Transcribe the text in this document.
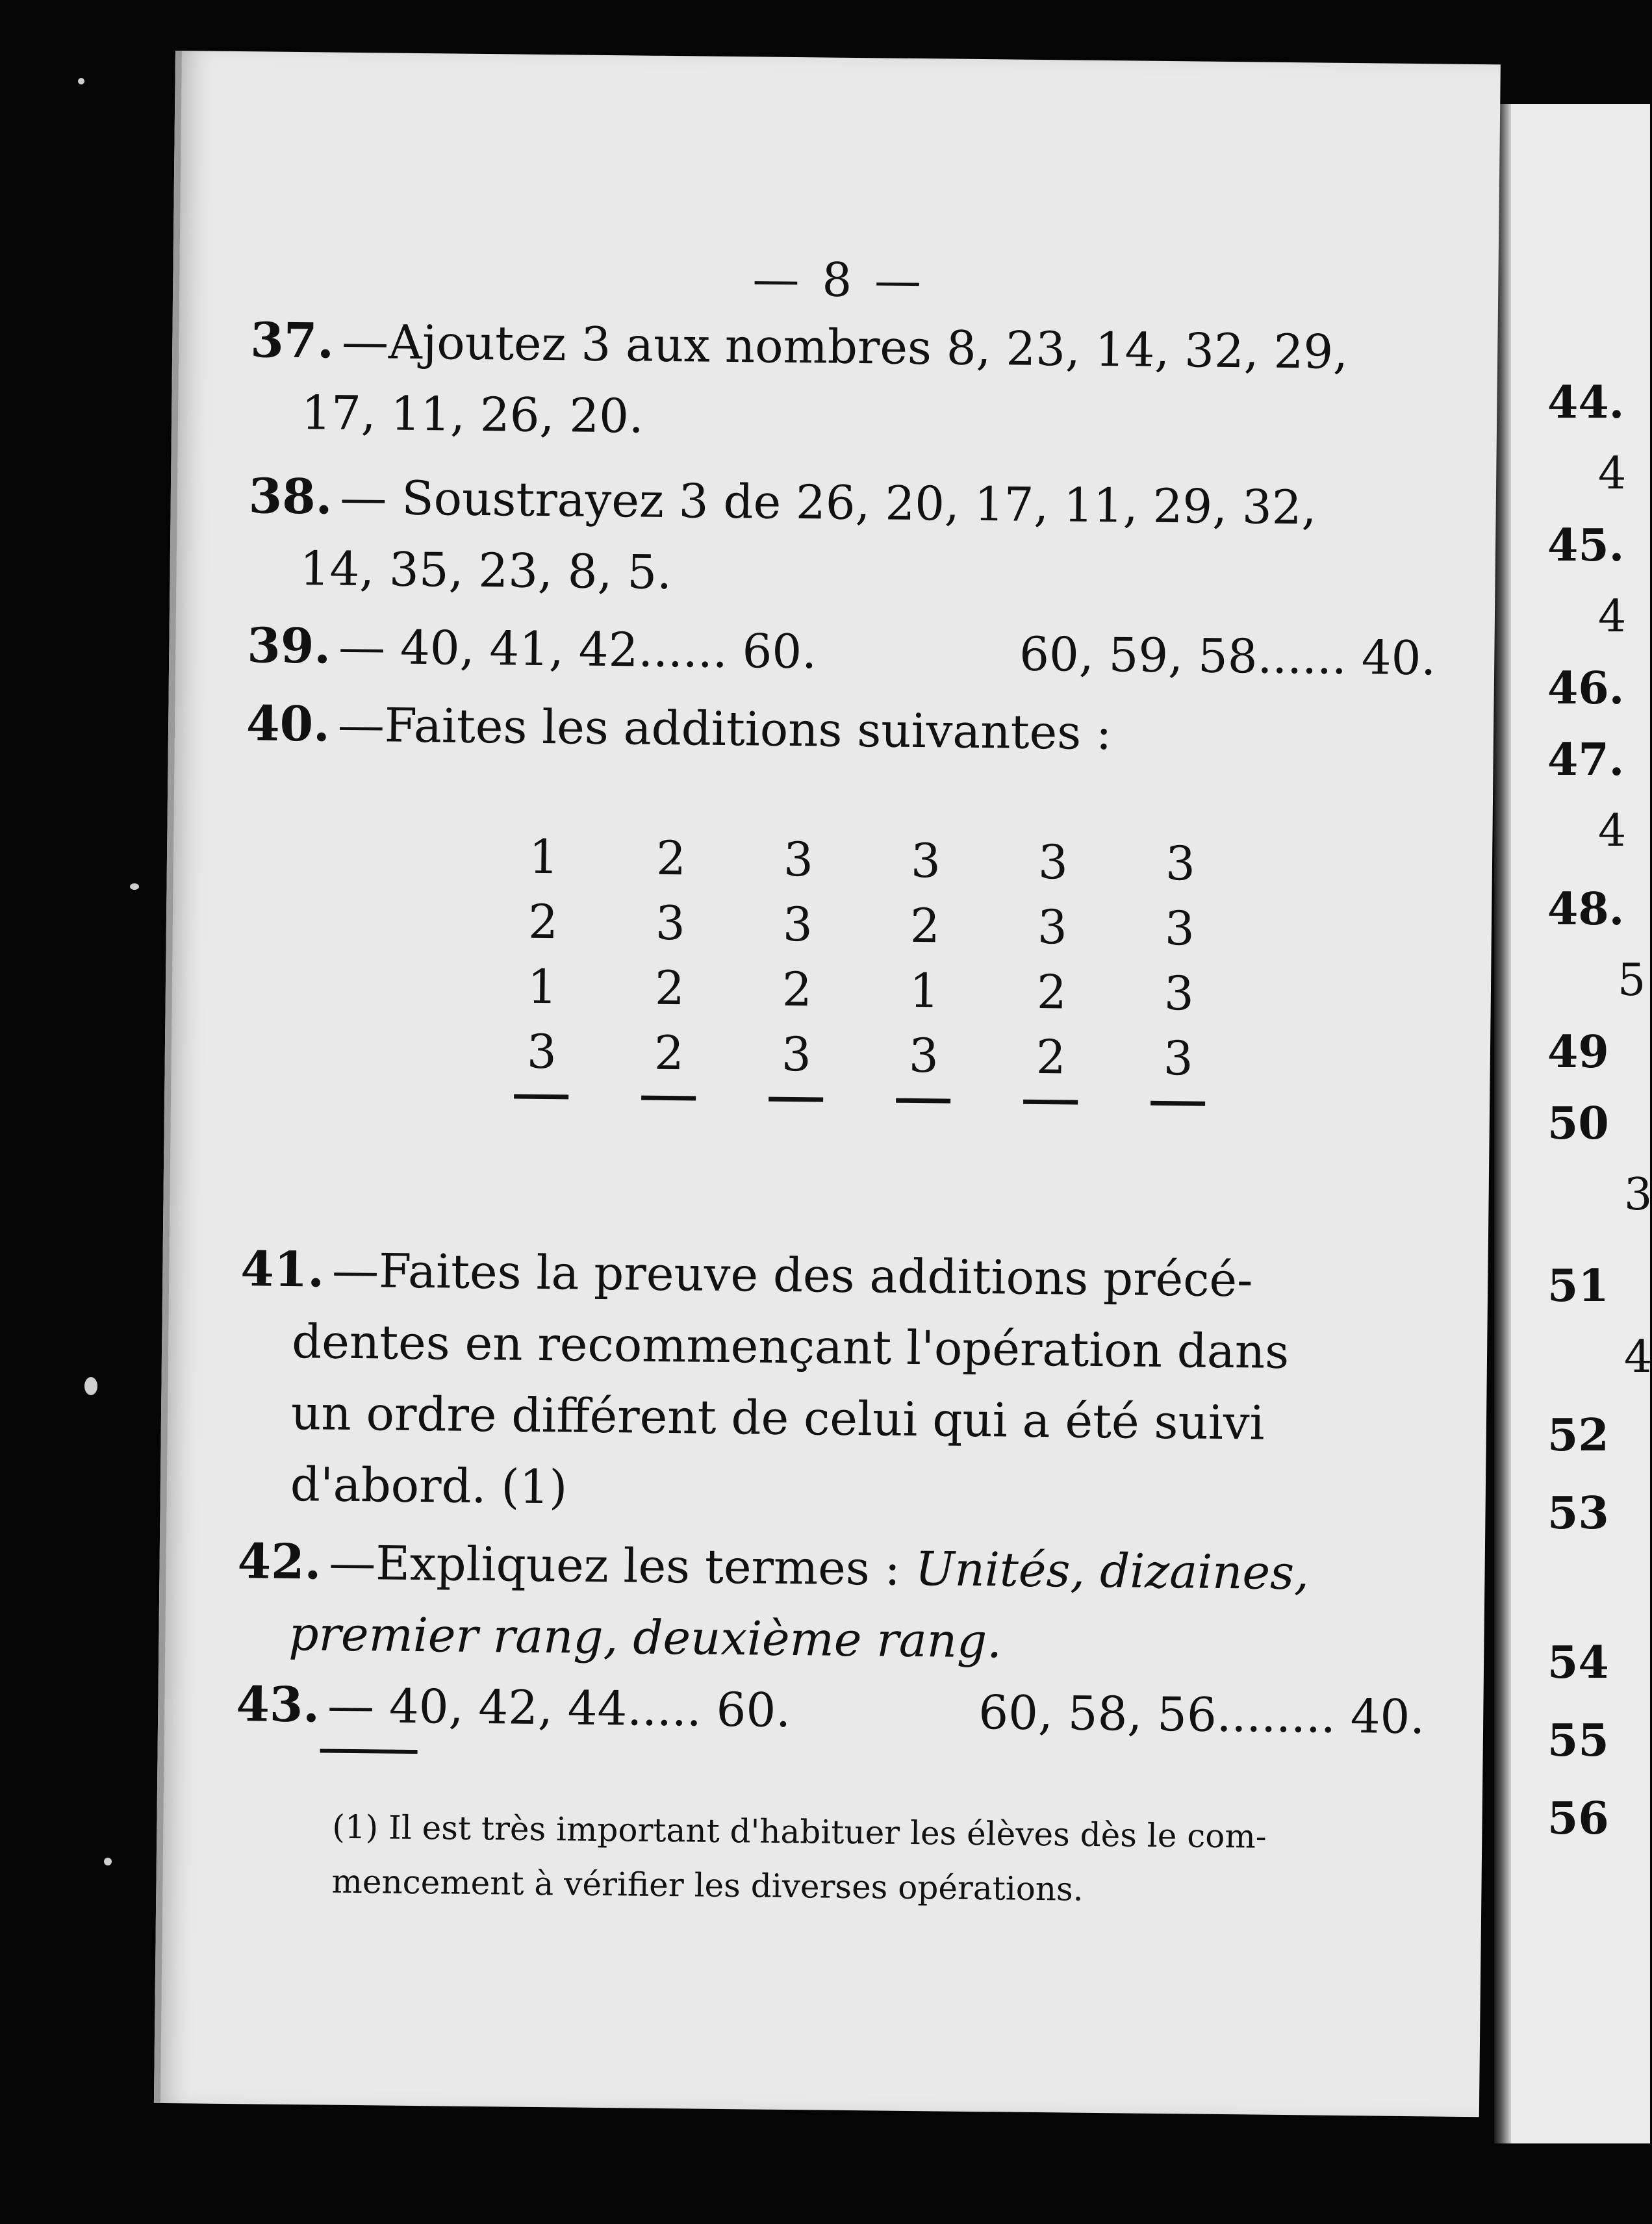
44.
4
45.
4
46.
47.
4
48.
5
49
50
3
51
4
52
53
54
55
56
— 8 —
37. —Ajoutez 3 aux nombres 8, 23, 14, 32, 29,
17, 11, 26, 20.
38. — Soustrayez 3 de 26, 20, 17, 11, 29, 32,
14, 35, 23, 8, 5.
39. — 40, 41, 42...... 60.	60, 59, 58...... 40.
40. —Faites les additions suivantes :
1
2
1
3
2
3
2
2
3
3
2
3
3
2
1
3
3
3
2
2
3
3
3
3
41. —Faites la preuve des additions précé-
dentes en recommençant l'opération dans
un ordre différent de celui qui a été suivi
d'abord. (1)
42. —Expliquez les termes : Unités, dizaines,
premier rang, deuxième rang.
43. — 40, 42, 44..... 60.	60, 58, 56........ 40.
(1) Il est très important d'habituer les élèves dès le com-
mencement à vérifier les diverses opérations.
